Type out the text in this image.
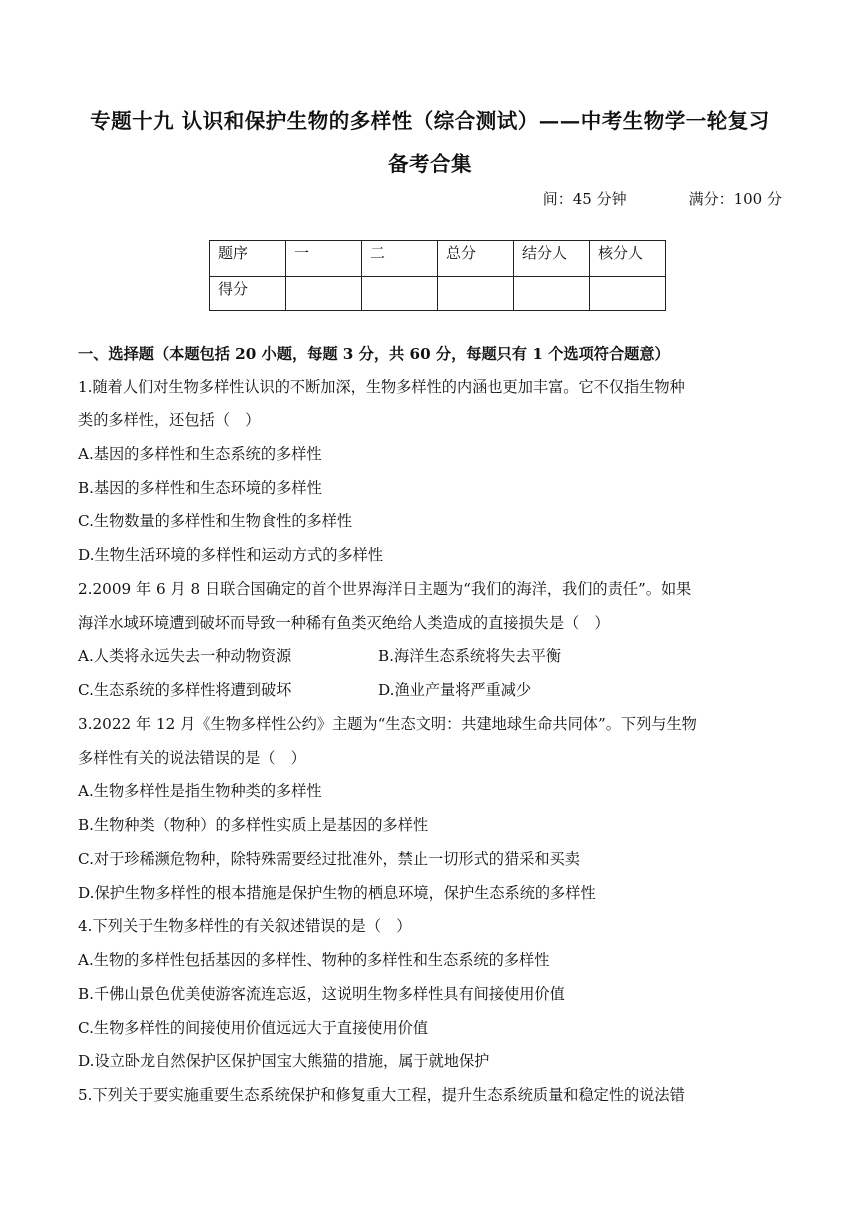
专题十九 认识和保护生物的多样性（综合测试）——中考生物学一轮复习
备考合集
间：45 分钟	满分：100 分
题序	一	二	总分	结分人	核分人
得分					
一、选择题（本题包括 20 小题，每题 3 分，共 60 分，每题只有 1 个选项符合题意）
1.随着人们对生物多样性认识的不断加深，生物多样性的内涵也更加丰富。它不仅指生物种
类的多样性，还包括（　）
A.基因的多样性和生态系统的多样性
B.基因的多样性和生态环境的多样性
C.生物数量的多样性和生物食性的多样性
D.生物生活环境的多样性和运动方式的多样性
2.2009 年 6 月 8 日联合国确定的首个世界海洋日主题为“我们的海洋，我们的责任”。如果
海洋水域环境遭到破坏而导致一种稀有鱼类灭绝给人类造成的直接损失是（　）
A.人类将永远失去一种动物资源	B.海洋生态系统将失去平衡
C.生态系统的多样性将遭到破坏	D.渔业产量将严重减少
3.2022 年 12 月《生物多样性公约》主题为“生态文明：共建地球生命共同体”。下列与生物
多样性有关的说法错误的是（　）
A.生物多样性是指生物种类的多样性
B.生物种类（物种）的多样性实质上是基因的多样性
C.对于珍稀濒危物种，除特殊需要经过批准外，禁止一切形式的猎采和买卖
D.保护生物多样性的根本措施是保护生物的栖息环境，保护生态系统的多样性
4.下列关于生物多样性的有关叙述错误的是（　）
A.生物的多样性包括基因的多样性、物种的多样性和生态系统的多样性
B.千佛山景色优美使游客流连忘返，这说明生物多样性具有间接使用价值
C.生物多样性的间接使用价值远远大于直接使用价值
D.设立卧龙自然保护区保护国宝大熊猫的措施，属于就地保护
5.下列关于要实施重要生态系统保护和修复重大工程，提升生态系统质量和稳定性的说法错
